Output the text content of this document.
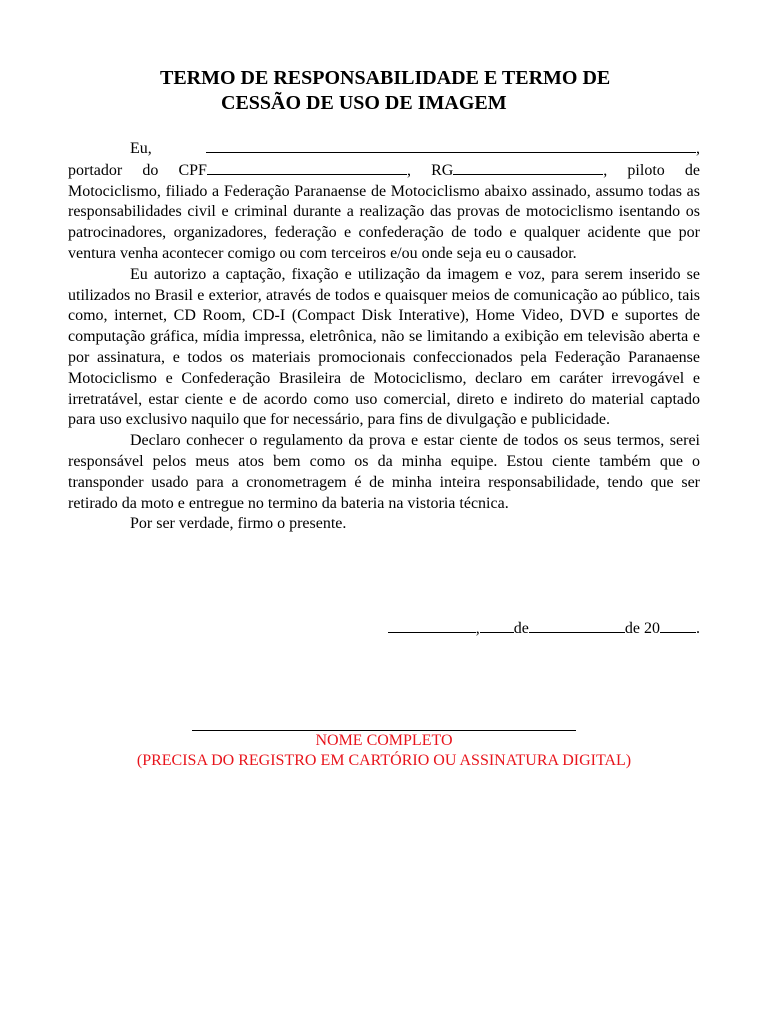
TERMO DE RESPONSABILIDADE E TERMO DE
CESSÃO DE USO DE IMAGEM

Eu,	, portador do CPF	, RG	, piloto de Motociclismo, filiado a Federação Paranaense de Motociclismo abaixo assinado, assumo todas as responsabilidades civil e criminal durante a realização das provas de motociclismo isentando os patrocinadores, organizadores, federação e confederação de todo e qualquer acidente que por ventura venha acontecer comigo ou com terceiros e/ou onde seja eu o causador.

Eu autorizo a captação, fixação e utilização da imagem e voz, para serem inserido se utilizados no Brasil e exterior, através de todos e quaisquer meios de comunicação ao público, tais como, internet, CD Room, CD-I (Compact Disk Interative), Home Video, DVD e suportes de computação gráfica, mídia impressa, eletrônica, não se limitando a exibição em televisão aberta e por assinatura, e todos os materiais promocionais confeccionados pela Federação Paranaense Motociclismo e Confederação Brasileira de Motociclismo, declaro em caráter irrevogável e irretratável, estar ciente e de acordo como uso comercial, direto e indireto do material captado para uso exclusivo naquilo que for necessário, para fins de divulgação e publicidade.

Declaro conhecer o regulamento da prova e estar ciente de todos os seus termos, serei responsável pelos meus atos bem como os da minha equipe. Estou ciente também que o transponder usado para a cronometragem é de minha inteira responsabilidade, tendo que ser retirado da moto e entregue no termino da bateria na vistoria técnica.

Por ser verdade, firmo o presente.

, de	de 20 .
NOME COMPLETO
(PRECISA DO REGISTRO EM CARTÓRIO OU ASSINATURA DIGITAL)
